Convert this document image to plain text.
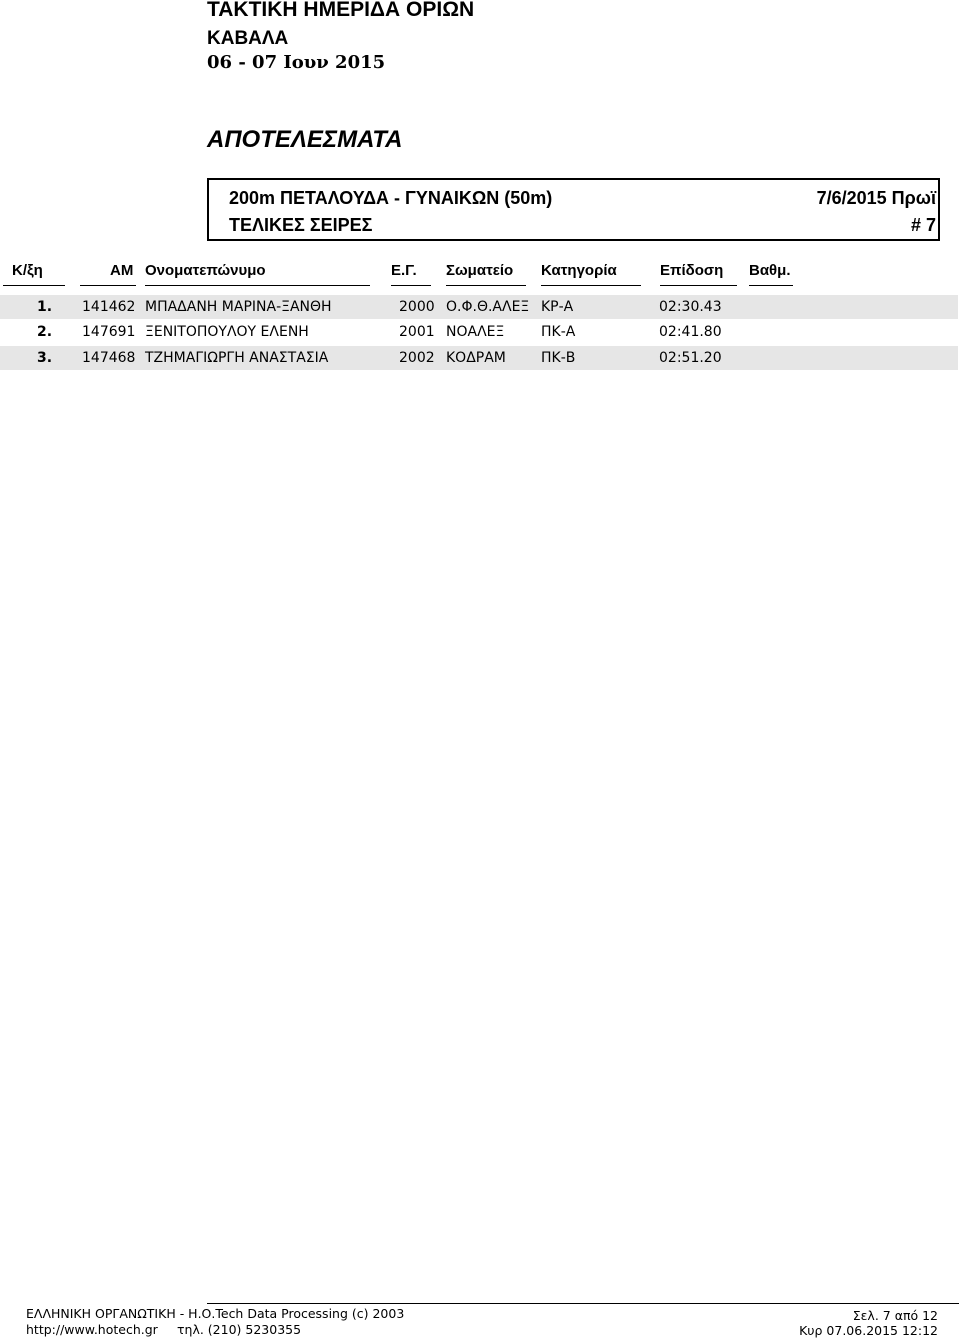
ΤΑΚΤΙΚΗ ΗΜΕΡΙΔΑ ΟΡΙΩΝ
ΚΑΒΑΛΑ
06 - 07 Ιουν 2015
ΑΠΟΤΕΛΕΣΜΑΤΑ
200m ΠΕΤΑΛΟΥΔΑ - ΓΥΝΑΙΚΩΝ (50m)
ΤΕΛΙΚΕΣ ΣΕΙΡΕΣ
7/6/2015 Πρωϊ
# 7
Κ/ξη	ΑΜ Ονοματεπώνυμο	Ε.Γ. Σωματείο Κατηγορία	Επίδοση Βαθμ.
1. 141462 ΜΠΑΔΑΝΗ ΜΑΡΙΝΑ-ΞΑΝΘΗ	2000 Ο.Φ.Θ.ΑΛΕΞ ΚΡ-Α	02:30.43
2. 147691 ΞΕΝΙΤΟΠΟΥΛΟΥ ΕΛΕΝΗ	2001 ΝΟΑΛΕΞ	ΠΚ-Α	02:41.80
3. 147468 ΤΖΗΜΑΓΙΩΡΓΗ ΑΝΑΣΤΑΣΙΑ	2002 ΚΟΔΡΑΜ	ΠΚ-Β	02:51.20
ΕΛΛΗΝΙΚΗ ΟΡΓΑΝΩΤΙΚΗ - Η.Ο.Tech Data Processing (c) 2003
http://www.hotech.gr τηλ. (210) 5230355
Σελ. 7 από 12
Κυρ 07.06.2015 12:12
